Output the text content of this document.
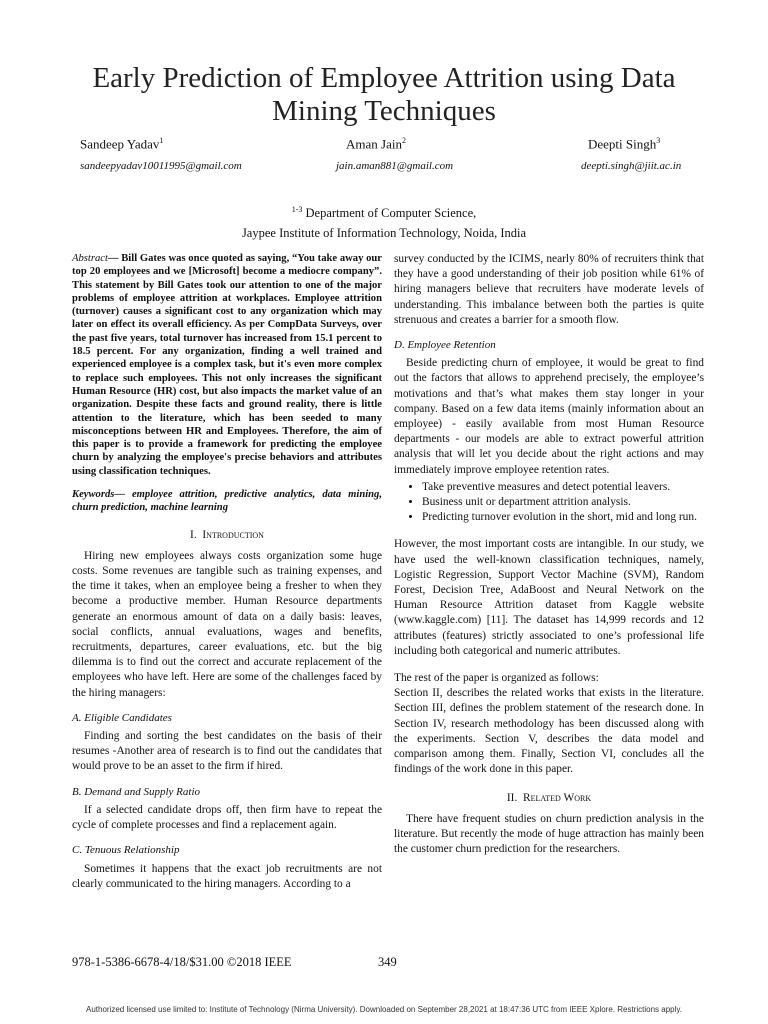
Early Prediction of Employee Attrition using Data
Mining Techniques
Sandeep Yadav$^1$	Aman Jain$^2$	Deepti Singh$^3$
sandeepyadav10011995@gmail.com	jain.aman881@gmail.com	deepti.singh@jiit.ac.in
$^{1-3}$ Department of Computer Science,
Jaypee Institute of Information Technology, Noida, India

Abstract— Bill Gates was once quoted as saying, “You take away our top 20 employees and we [Microsoft] become a mediocre company”. This statement by Bill Gates took our attention to one of the major problems of employee attrition at workplaces. Employee attrition (turnover) causes a significant cost to any organization which may later on effect its overall efficiency. As per CompData Surveys, over the past five years, total turnover has increased from 15.1 percent to 18.5 percent. For any organization, finding a well trained and experienced employee is a complex task, but it's even more complex to replace such employees. This not only increases the significant Human Resource (HR) cost, but also impacts the market value of an organization. Despite these facts and ground reality, there is little attention to the literature, which has been seeded to many misconceptions between HR and Employees. Therefore, the aim of this paper is to provide a framework for predicting the employee churn by analyzing the employee's precise behaviors and attributes using classification techniques.

Keywords— employee attrition, predictive analytics, data mining, churn prediction, machine learning

I. Introduction

Hiring new employees always costs organization some huge costs. Some revenues are tangible such as training expenses, and the time it takes, when an employee being a fresher to when they become a productive member. Human Resource departments generate an enormous amount of data on a daily basis: leaves, social conflicts, annual evaluations, wages and benefits, recruitments, departures, career evaluations, etc. but the big dilemma is to find out the correct and accurate replacement of the employees who have left. Here are some of the challenges faced by the hiring managers:

A. Eligible Candidates

Finding and sorting the best candidates on the basis of their resumes -Another area of research is to find out the candidates that would prove to be an asset to the firm if hired.

B. Demand and Supply Ratio

If a selected candidate drops off, then firm have to repeat the cycle of complete processes and find a replacement again.

C. Tenuous Relationship

Sometimes it happens that the exact job recruitments are not clearly communicated to the hiring managers. According to a

survey conducted by the ICIMS, nearly 80% of recruiters think that they have a good understanding of their job position while 61% of hiring managers believe that recruiters have moderate levels of understanding. This imbalance between both the parties is quite strenuous and creates a barrier for a smooth flow.

D. Employee Retention

Beside predicting churn of employee, it would be great to find out the factors that allows to apprehend precisely, the employee’s motivations and that’s what makes them stay longer in your company. Based on a few data items (mainly information about an employee) - easily available from most Human Resource departments - our models are able to extract powerful attrition analysis that will let you decide about the right actions and may immediately improve employee retention rates.

• Take preventive measures and detect potential leavers.
• Business unit or department attrition analysis.
• Predicting turnover evolution in the short, mid and long run.

However, the most important costs are intangible. In our study, we have used the well-known classification techniques, namely, Logistic Regression, Support Vector Machine (SVM), Random Forest, Decision Tree, AdaBoost and Neural Network on the Human Resource Attrition dataset from Kaggle website (www.kaggle.com) [11]. The dataset has 14,999 records and 12 attributes (features) strictly associated to one’s professional life including both categorical and numeric attributes.

The rest of the paper is organized as follows:

Section II, describes the related works that exists in the literature. Section III, defines the problem statement of the research done. In Section IV, research methodology has been discussed along with the experiments. Section V, describes the data model and comparison among them. Finally, Section VI, concludes all the findings of the work done in this paper.

II. Related Work

There have frequent studies on churn prediction analysis in the literature. But recently the mode of huge attraction has mainly been the customer churn prediction for the researchers.

978-1-5386-6678-4/18/$31.00 ©2018 IEEE	349
Authorized licensed use limited to: Institute of Technology (Nirma University). Downloaded on September 28,2021 at 18:47:36 UTC from IEEE Xplore. Restrictions apply.
